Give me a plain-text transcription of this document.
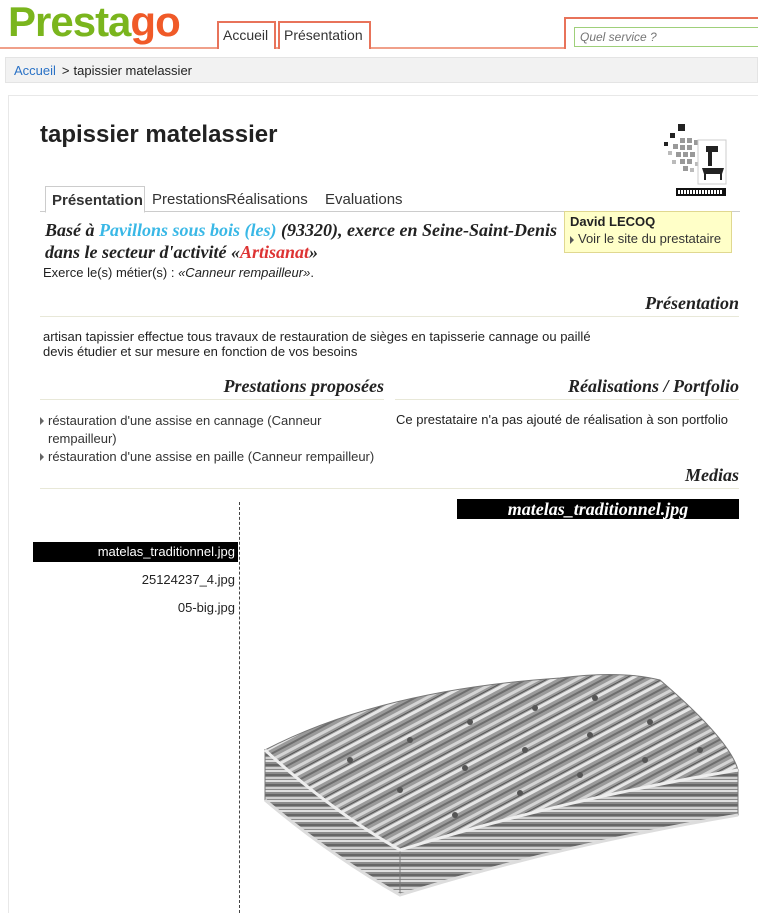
Prestago	Accueil	Présentation
Quel service ?
Accueil > tapissier matelassier
tapissier matelassier
Présentation Prestations
Réalisations	Evaluations
David LECOQ
Voir le site du prestataire
Basé à Pavillons sous bois (les) (93320), exerce en Seine-Saint-Denis dans le secteur d'activité «Artisanat»
Exerce le(s) métier(s) : «Canneur rempailleur».
Présentation
artisan tapissier effectue tous travaux de restauration de sièges en tapisserie cannage ou paillé
devis étudier et sur mesure en fonction de vos besoins
Prestations proposées	Réalisations / Portfolio
réstauration d'une assise en cannage (Canneur rempailleur)
réstauration d'une assise en paille (Canneur rempailleur)
Ce prestataire n'a pas ajouté de réalisation à son portfolio
Medias
matelas_traditionnel.jpg
matelas_traditionnel.jpg
25124237_4.jpg
05-big.jpg
